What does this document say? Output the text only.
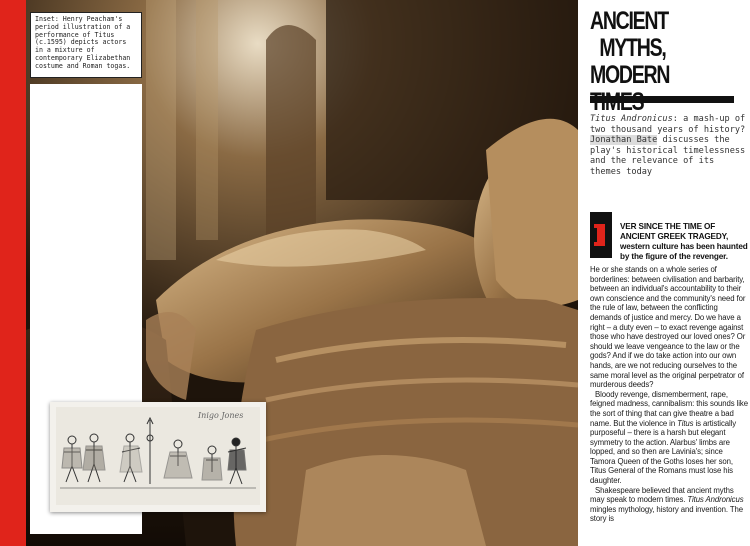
Inset: Henry Peacham's period illustration of a performance of Titus (c.1595) depicts actors in a mixture of contemporary Elizabethan costume and Roman togas.

Inigo Jones
ANCIENT
MYTHS,
MODERN

Titus Andronicus: a mash-up of two thousand years of history? Jonathan Bate discusses the play's historical timelessness and the relevance of its themes today

VER SINCE THE TIME OF ANCIENT GREEK TRAGEDY, western culture has been haunted by the figure of the revenger.

He or she stands on a whole series of borderlines: between civilisation and barbarity, between an individual's accountability to their own conscience and the community's need for the rule of law, between the conflicting demands of justice and mercy. Do we have a right – a duty even – to exact revenge against those who have destroyed our loved ones? Or should we leave vengeance to the law or the gods? And if we do take action into our own hands, are we not reducing ourselves to the same moral level as the original perpetrator of murderous deeds?

Bloody revenge, dismemberment, rape, feigned madness, cannibalism: this sounds like the sort of thing that can give theatre a bad name. But the violence in Titus is artistically purposeful – there is a harsh but elegant symmetry to the action. Alarbus' limbs are lopped, and so then are Lavinia's; since Tamora Queen of the Goths loses her son, Titus General of the Romans must lose his daughter.

Shakespeare believed that ancient myths may speak to modern times. Titus Andronicus mingles mythology, history and invention. The story is
